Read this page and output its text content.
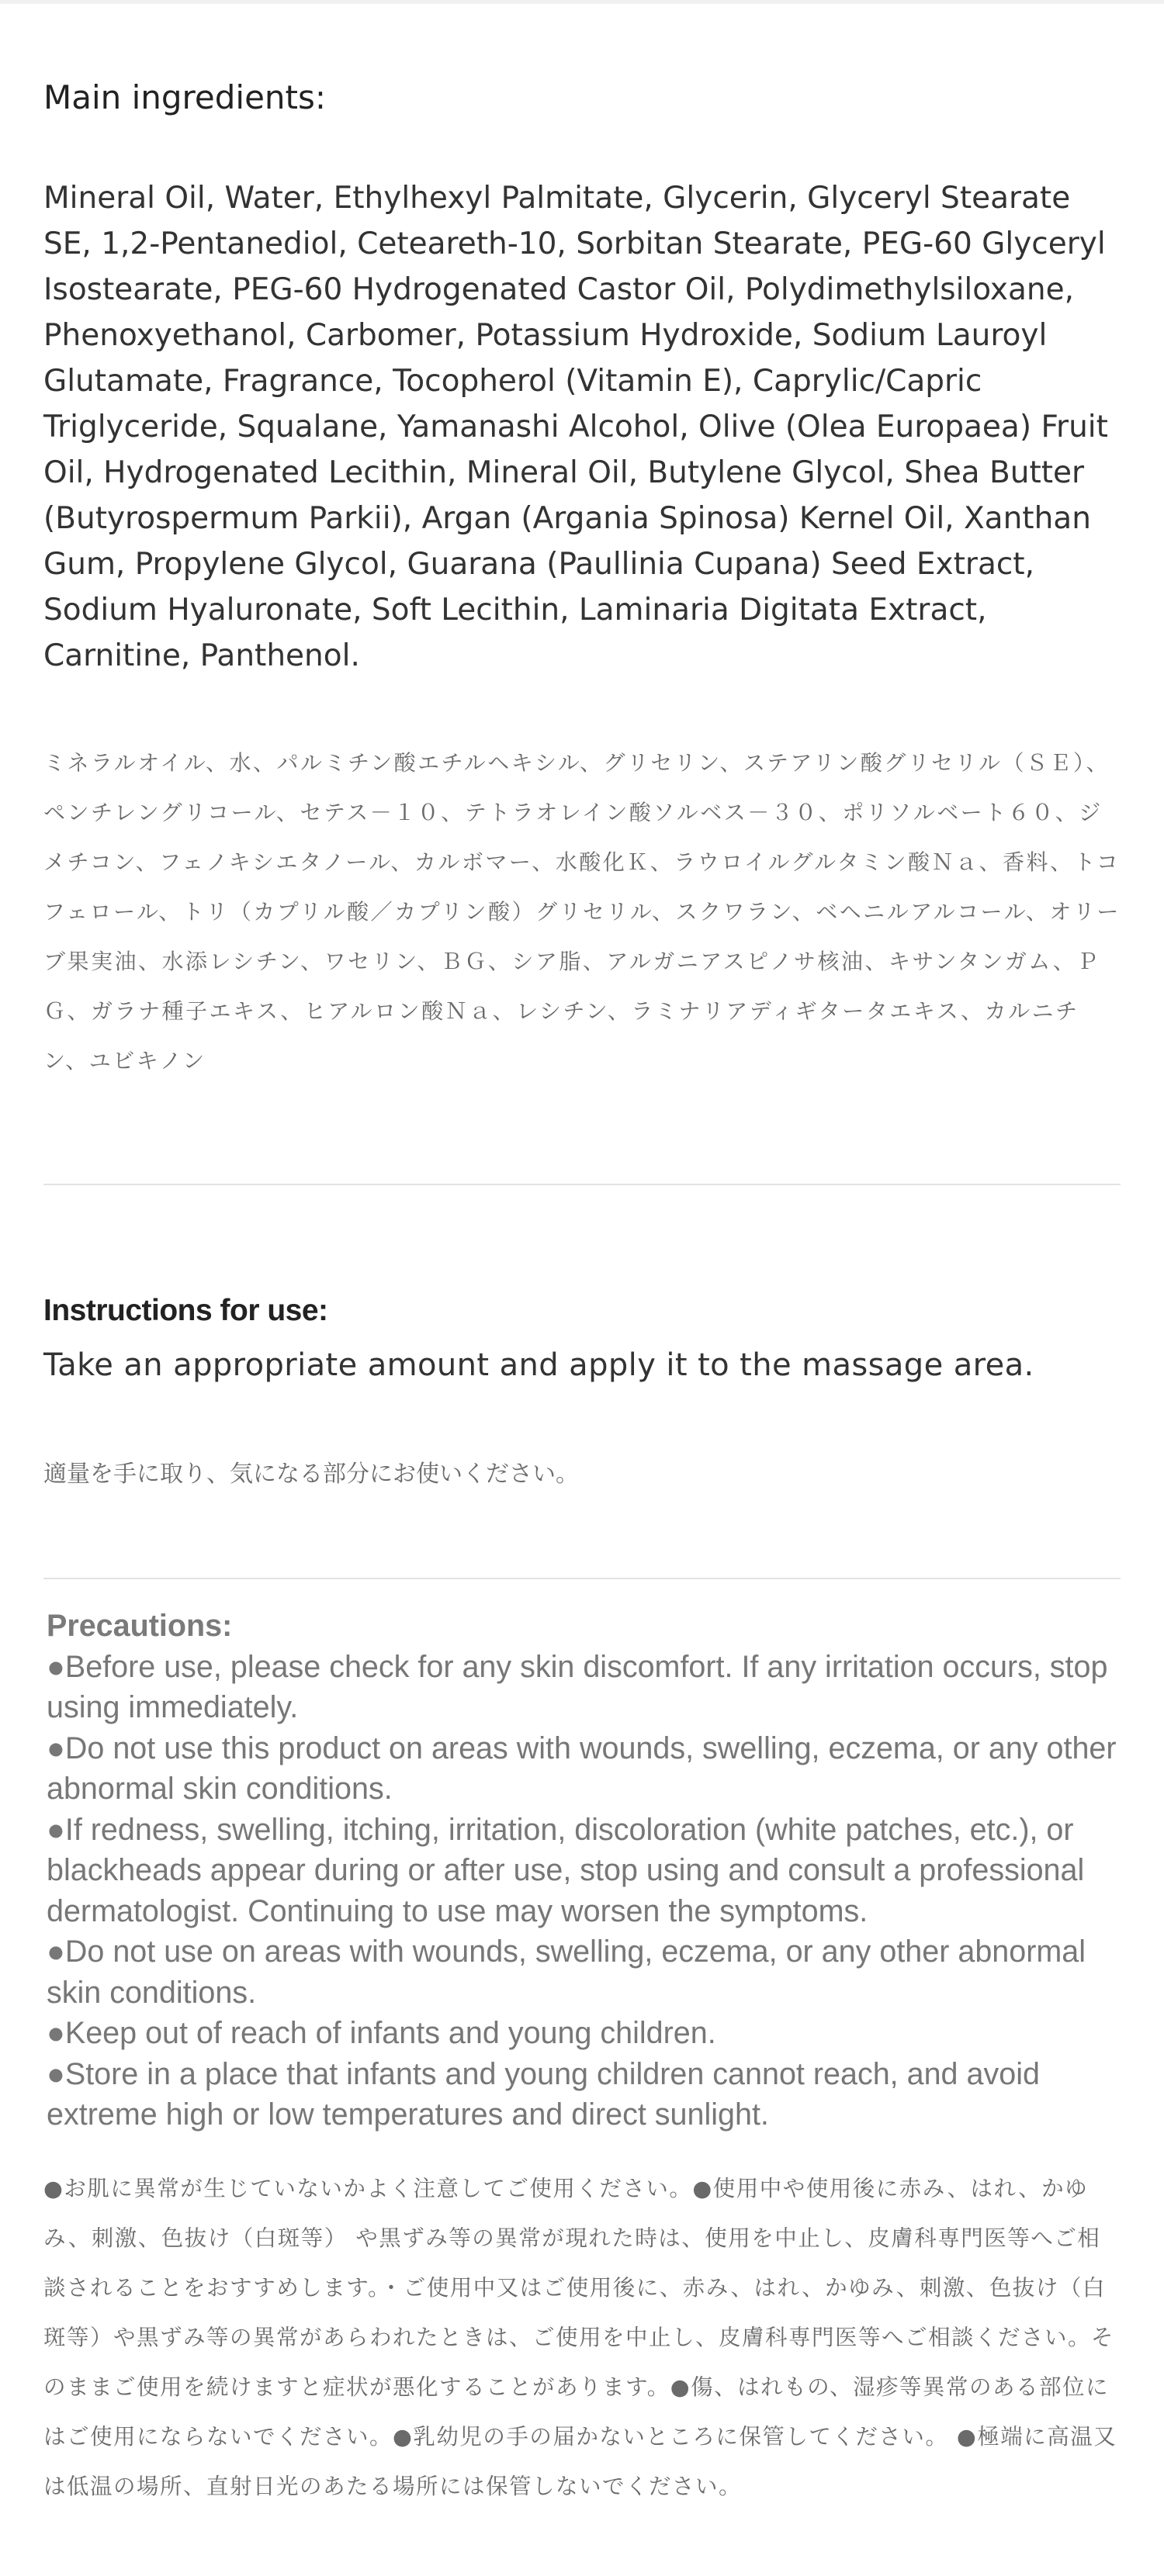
Main ingredients:

Mineral Oil, Water, Ethylhexyl Palmitate, Glycerin, Glyceryl Stearate SE, 1,2-Pentanediol, Ceteareth-10, Sorbitan Stearate, PEG-60 Glyceryl Isostearate, PEG-60 Hydrogenated Castor Oil, Polydimethylsiloxane, Phenoxyethanol, Carbomer, Potassium Hydroxide, Sodium Lauroyl Glutamate, Fragrance, Tocopherol (Vitamin E), Caprylic/Capric Triglyceride, Squalane, Yamanashi Alcohol, Olive (Olea Europaea) Fruit Oil, Hydrogenated Lecithin, Mineral Oil, Butylene Glycol, Shea Butter (Butyrospermum Parkii), Argan (Argania Spinosa) Kernel Oil, Xanthan Gum, Propylene Glycol, Guarana (Paullinia Cupana) Seed Extract, Sodium Hyaluronate, Soft Lecithin, Laminaria Digitata Extract, Carnitine, Panthenol.

ミネラルオイル、水、パルミチン酸エチルヘキシル、グリセリン、ステアリン酸グリセリル（ＳＥ）、ペンチレングリコール、セテス－１０、テトラオレイン酸ソルベス－３０、ポリソルベート６０、ジメチコン、フェノキシエタノール、カルボマー、水酸化Ｋ、ラウロイルグルタミン酸Ｎａ、香料、トコフェロール、トリ（カプリル酸／カプリン酸）グリセリル、スクワラン、ベヘニルアルコール、オリーブ果実油、水添レシチン、ワセリン、ＢＧ、シア脂、アルガニアスピノサ核油、キサンタンガム、ＰＧ、ガラナ種子エキス、ヒアルロン酸Ｎａ、レシチン、ラミナリアディギタータエキス、カルニチン、ユビキノン

Instructions for use:

Take an appropriate amount and apply it to the massage area.

適量を手に取り、気になる部分にお使いください。

Precautions:
●Before use, please check for any skin discomfort. If any irritation occurs, stop using immediately.
●Do not use this product on areas with wounds, swelling, eczema, or any other abnormal skin conditions.
●If redness, swelling, itching, irritation, discoloration (white patches, etc.), or blackheads appear during or after use, stop using and consult a professional dermatologist. Continuing to use may worsen the symptoms.
●Do not use on areas with wounds, swelling, eczema, or any other abnormal skin conditions.
●Keep out of reach of infants and young children.
●Store in a place that infants and young children cannot reach, and avoid extreme high or low temperatures and direct sunlight.

●お肌に異常が生じていないかよく注意してご使用ください。●使用中や使用後に赤み、はれ、かゆみ、刺激、色抜け（白斑等） や黒ずみ等の異常が現れた時は、使用を中止し、皮膚科専門医等へご相談されることをおすすめします。・ご使用中又はご使用後に、赤み、はれ、かゆみ、刺激、色抜け（白斑等）や黒ずみ等の異常があらわれたときは、ご使用を中止し、皮膚科専門医等へご相談ください。そのままご使用を続けますと症状が悪化することがあります。●傷、はれもの、湿疹等異常のある部位にはご使用にならないでください。●乳幼児の手の届かないところに保管してください。 ●極端に高温又は低温の場所、直射日光のあたる場所には保管しないでください。
